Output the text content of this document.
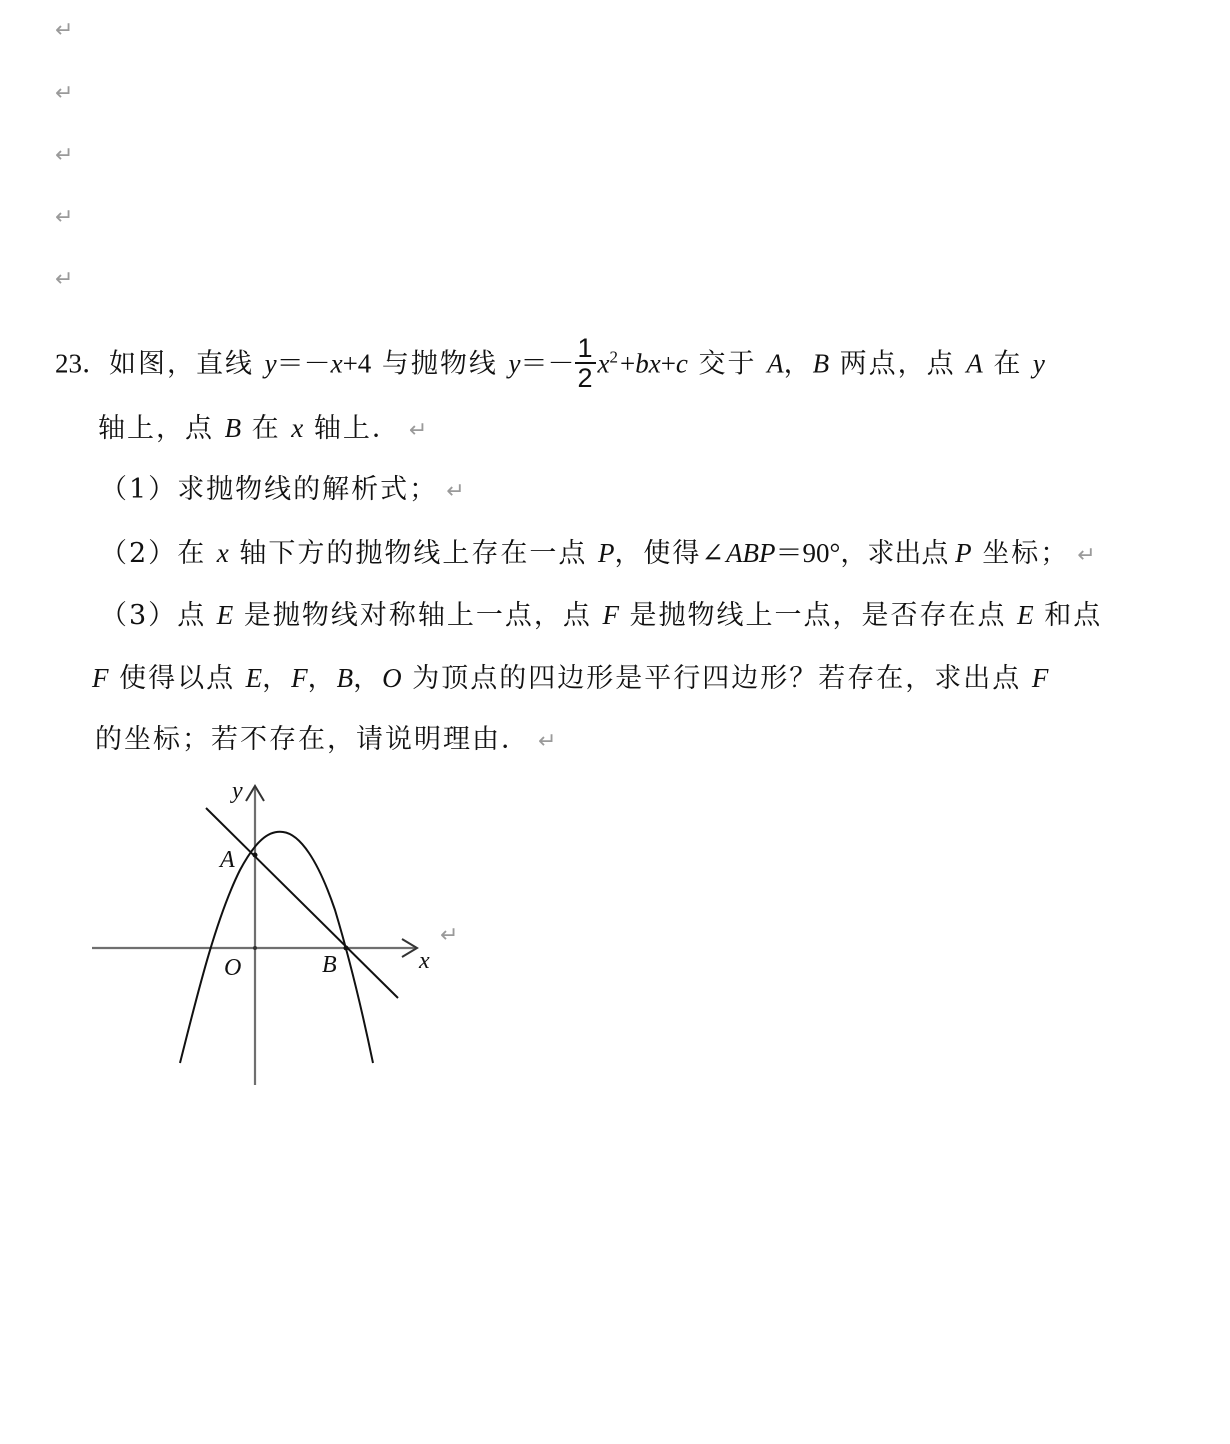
↵
↵
↵
↵
↵
23．如图，直线 y＝－x+4 与抛物线 $y=- \frac{1}{2} x^2+bx+c$ 交于 A，B 两点，点 A 在 y
轴上，点 B 在 x 轴上． ↵
（1）求抛物线的解析式； ↵
（2）在 x 轴下方的抛物线上存在一点 P，使得∠ABP＝90°，求出点 P 坐标； ↵
（3）点 E 是抛物线对称轴上一点，点 F 是抛物线上一点，是否存在点 E 和点
F 使得以点 E，F，B，O 为顶点的四边形是平行四边形？若存在，求出点 F
的坐标；若不存在，请说明理由． ↵
y
x
A
O	B
↵
